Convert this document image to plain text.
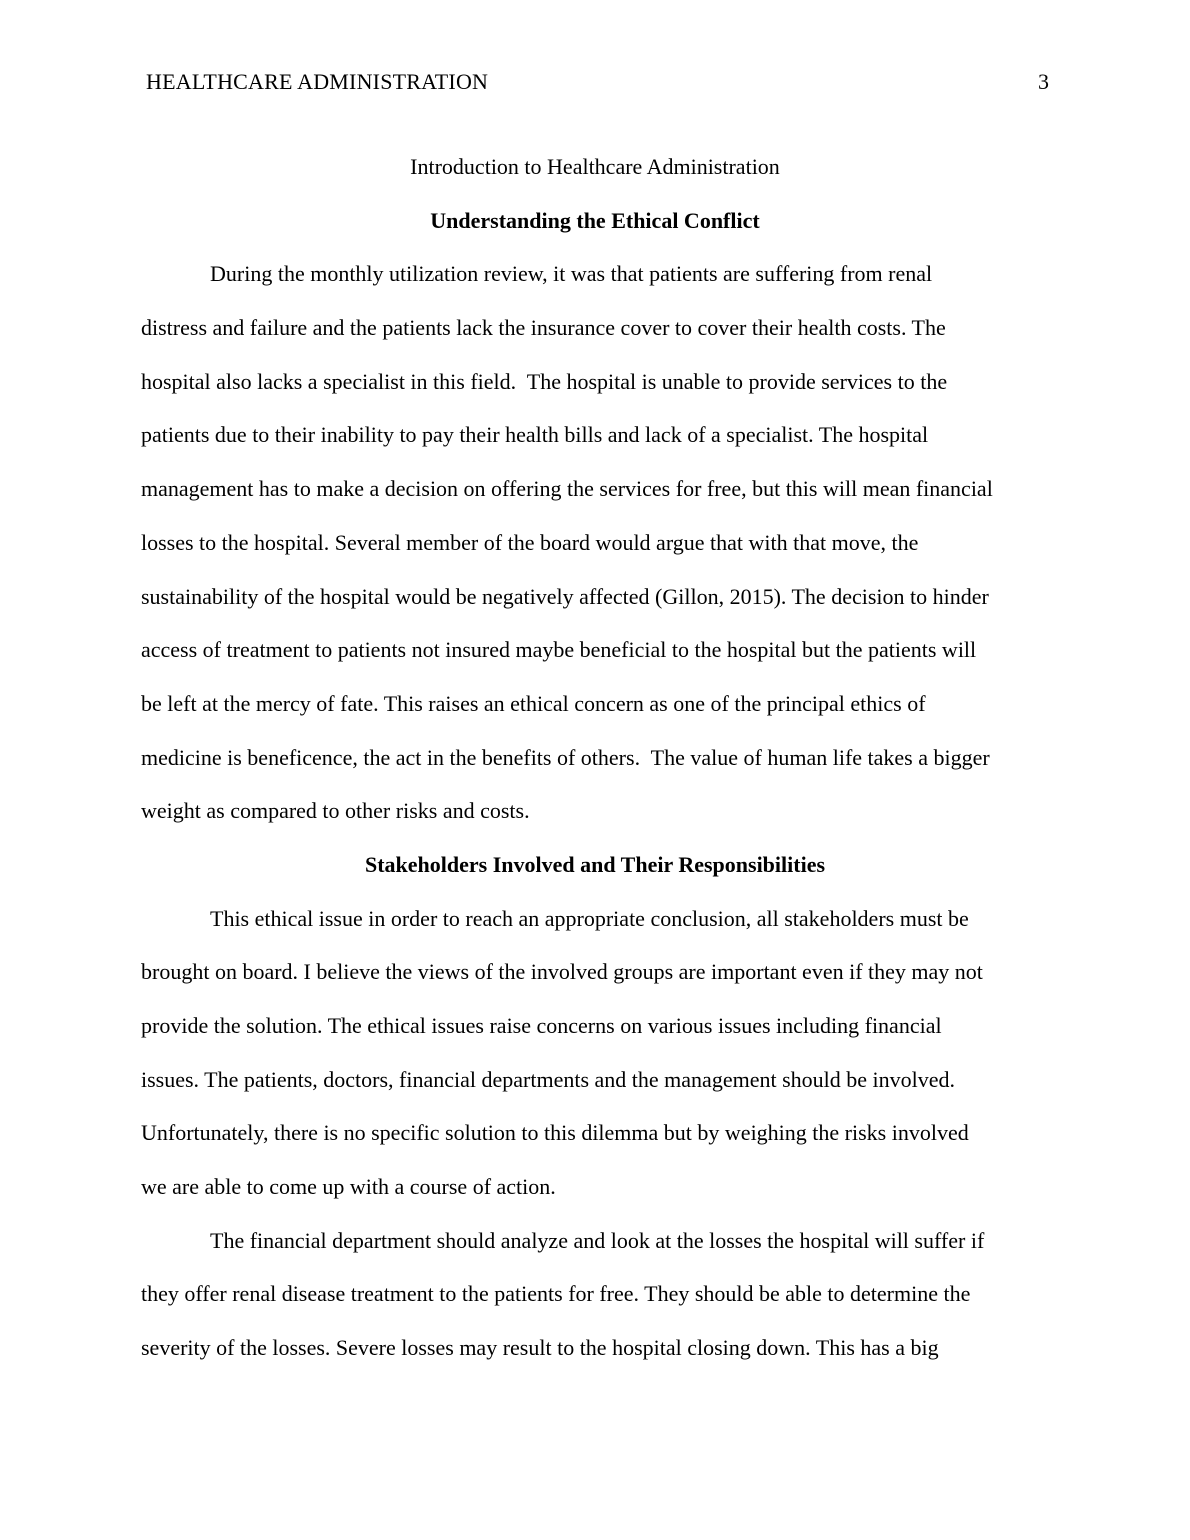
HEALTHCARE ADMINISTRATION	3
Introduction to Healthcare Administration
Understanding the Ethical Conflict
During the monthly utilization review, it was that patients are suffering from renal
distress and failure and the patients lack the insurance cover to cover their health costs. The
hospital also lacks a specialist in this field.  The hospital is unable to provide services to the
patients due to their inability to pay their health bills and lack of a specialist. The hospital
management has to make a decision on offering the services for free, but this will mean financial
losses to the hospital. Several member of the board would argue that with that move, the
sustainability of the hospital would be negatively affected (Gillon, 2015). The decision to hinder
access of treatment to patients not insured maybe beneficial to the hospital but the patients will
be left at the mercy of fate. This raises an ethical concern as one of the principal ethics of
medicine is beneficence, the act in the benefits of others.  The value of human life takes a bigger
weight as compared to other risks and costs.
Stakeholders Involved and Their Responsibilities
This ethical issue in order to reach an appropriate conclusion, all stakeholders must be
brought on board. I believe the views of the involved groups are important even if they may not
provide the solution. The ethical issues raise concerns on various issues including financial
issues. The patients, doctors, financial departments and the management should be involved.
Unfortunately, there is no specific solution to this dilemma but by weighing the risks involved
we are able to come up with a course of action.
The financial department should analyze and look at the losses the hospital will suffer if
they offer renal disease treatment to the patients for free. They should be able to determine the
severity of the losses. Severe losses may result to the hospital closing down. This has a big
